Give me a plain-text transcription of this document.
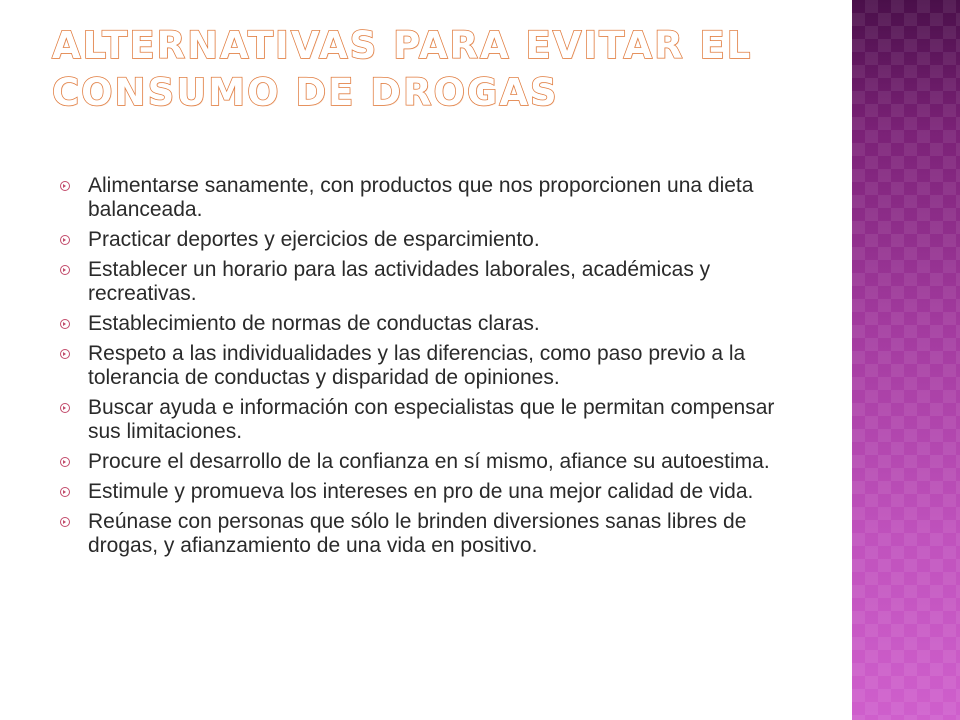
ALTERNATIVAS PARA EVITAR EL CONSUMO DE DROGAS
Alimentarse sanamente, con productos que nos proporcionen una dieta balanceada.
Practicar deportes y ejercicios de esparcimiento.
Establecer un horario para las actividades laborales, académicas y recreativas.
Establecimiento de normas de conductas claras.
Respeto a las individualidades y las diferencias, como paso previo a la tolerancia de conductas y disparidad de opiniones.
Buscar ayuda e información con especialistas que le permitan compensar sus limitaciones.
Procure el desarrollo de la confianza en sí mismo, afiance su autoestima.
Estimule y promueva los intereses en pro de una mejor calidad de vida.
Reúnase con personas que sólo le brinden diversiones sanas libres de drogas, y afianzamiento de una vida en positivo.
